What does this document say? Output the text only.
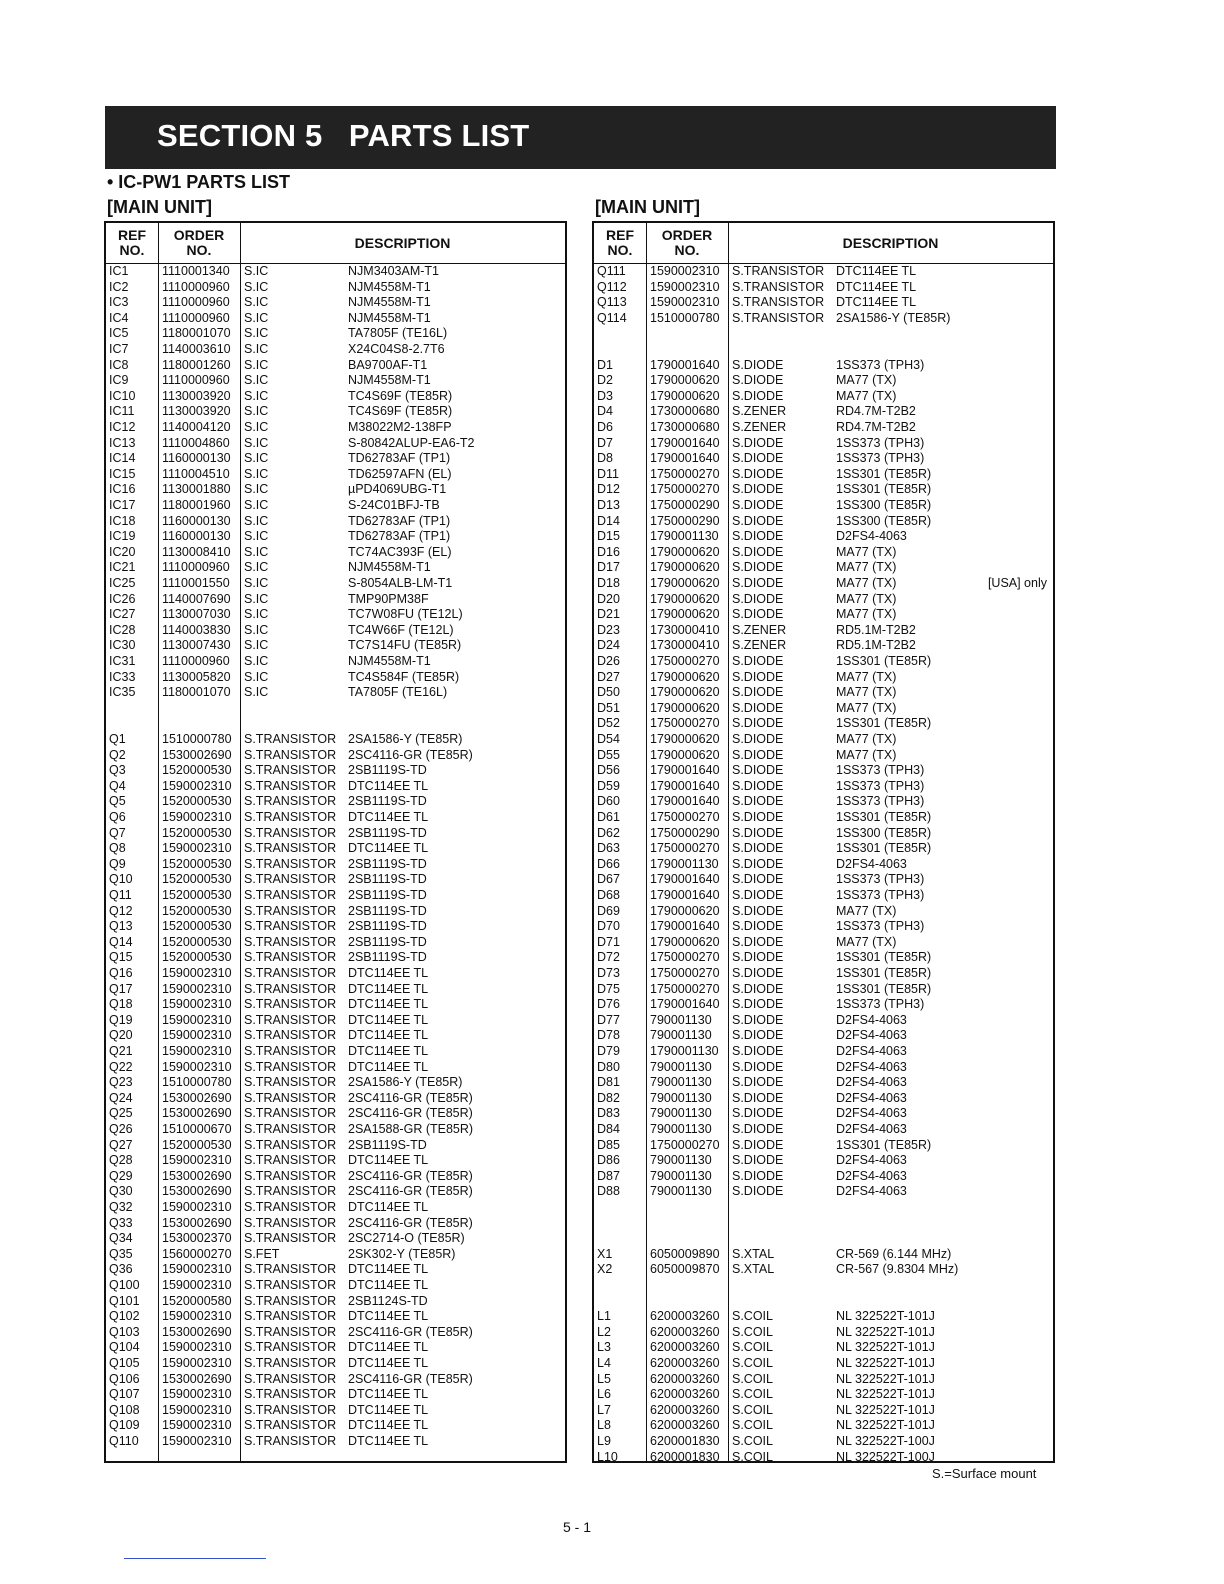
SECTION 5   PARTS LIST
• IC-PW1 PARTS LIST
[MAIN UNIT]	[MAIN UNIT]
REF
NO.
ORDER
NO.	DESCRIPTION
IC1	1110001340 S.IC	NJM3403AM-T1
IC2	1110000960 S.IC	NJM4558M-T1
IC3	1110000960 S.IC	NJM4558M-T1
IC4	1110000960 S.IC	NJM4558M-T1
IC5	1180001070 S.IC	TA7805F (TE16L)
IC7	1140003610 S.IC	X24C04S8-2.7T6
IC8	1180001260 S.IC	BA9700AF-T1
IC9	1110000960 S.IC	NJM4558M-T1
IC10 1130003920 S.IC	TC4S69F (TE85R)
IC11 1130003920 S.IC	TC4S69F (TE85R)
IC12 1140004120 S.IC	M38022M2-138FP
IC13 1110004860 S.IC	S-80842ALUP-EA6-T2
IC14 1160000130 S.IC	TD62783AF (TP1)
IC15 1110004510 S.IC	TD62597AFN (EL)
IC16 1130001880 S.IC	µPD4069UBG-T1
IC17 1180001960 S.IC	S-24C01BFJ-TB
IC18 1160000130 S.IC	TD62783AF (TP1)
IC19 1160000130 S.IC	TD62783AF (TP1)
IC20 1130008410 S.IC	TC74AC393F (EL)
IC21 1110000960 S.IC	NJM4558M-T1
IC25 1110001550 S.IC	S-8054ALB-LM-T1
IC26 1140007690 S.IC	TMP90PM38F
IC27 1130007030 S.IC	TC7W08FU (TE12L)
IC28 1140003830 S.IC	TC4W66F (TE12L)
IC30 1130007430 S.IC	TC7S14FU (TE85R)
IC31 1110000960 S.IC	NJM4558M-T1
IC33 1130005820 S.IC	TC4S584F (TE85R)
IC35 1180001070 S.IC	TA7805F (TE16L)
Q1	1510000780 S.TRANSISTOR 2SA1586-Y (TE85R)
Q2	1530002690 S.TRANSISTOR 2SC4116-GR (TE85R)
Q3	1520000530 S.TRANSISTOR 2SB1119S-TD
Q4	1590002310 S.TRANSISTOR DTC114EE TL
Q5	1520000530 S.TRANSISTOR 2SB1119S-TD
Q6	1590002310 S.TRANSISTOR DTC114EE TL
Q7	1520000530 S.TRANSISTOR 2SB1119S-TD
Q8	1590002310 S.TRANSISTOR DTC114EE TL
Q9	1520000530 S.TRANSISTOR 2SB1119S-TD
Q10 1520000530 S.TRANSISTOR 2SB1119S-TD
Q11 1520000530 S.TRANSISTOR 2SB1119S-TD
Q12 1520000530 S.TRANSISTOR 2SB1119S-TD
Q13 1520000530 S.TRANSISTOR 2SB1119S-TD
Q14 1520000530 S.TRANSISTOR 2SB1119S-TD
Q15 1520000530 S.TRANSISTOR 2SB1119S-TD
Q16 1590002310 S.TRANSISTOR DTC114EE TL
Q17 1590002310 S.TRANSISTOR DTC114EE TL
Q18 1590002310 S.TRANSISTOR DTC114EE TL
Q19 1590002310 S.TRANSISTOR DTC114EE TL
Q20 1590002310 S.TRANSISTOR DTC114EE TL
Q21 1590002310 S.TRANSISTOR DTC114EE TL
Q22 1590002310 S.TRANSISTOR DTC114EE TL
Q23 1510000780 S.TRANSISTOR 2SA1586-Y (TE85R)
Q24 1530002690 S.TRANSISTOR 2SC4116-GR (TE85R)
Q25 1530002690 S.TRANSISTOR 2SC4116-GR (TE85R)
Q26 1510000670 S.TRANSISTOR 2SA1588-GR (TE85R)
Q27 1520000530 S.TRANSISTOR 2SB1119S-TD
Q28 1590002310 S.TRANSISTOR DTC114EE TL
Q29 1530002690 S.TRANSISTOR 2SC4116-GR (TE85R)
Q30 1530002690 S.TRANSISTOR 2SC4116-GR (TE85R)
Q32 1590002310 S.TRANSISTOR DTC114EE TL
Q33 1530002690 S.TRANSISTOR 2SC4116-GR (TE85R)
Q34 1530002370 S.TRANSISTOR 2SC2714-O (TE85R)
Q35 1560000270 S.FET	2SK302-Y (TE85R)
Q36 1590002310 S.TRANSISTOR DTC114EE TL
Q100 1590002310 S.TRANSISTOR DTC114EE TL
Q101 1520000580 S.TRANSISTOR 2SB1124S-TD
Q102 1590002310 S.TRANSISTOR DTC114EE TL
Q103 1530002690 S.TRANSISTOR 2SC4116-GR (TE85R)
Q104 1590002310 S.TRANSISTOR DTC114EE TL
Q105 1590002310 S.TRANSISTOR DTC114EE TL
Q106 1530002690 S.TRANSISTOR 2SC4116-GR (TE85R)
Q107 1590002310 S.TRANSISTOR DTC114EE TL
Q108 1590002310 S.TRANSISTOR DTC114EE TL
Q109 1590002310 S.TRANSISTOR DTC114EE TL
Q110 1590002310 S.TRANSISTOR DTC114EE TL
REF
NO.
ORDER
NO.	DESCRIPTION
Q111 1590002310 S.TRANSISTOR DTC114EE TL
Q112 1590002310 S.TRANSISTOR DTC114EE TL
Q113 1590002310 S.TRANSISTOR DTC114EE TL
Q114 1510000780 S.TRANSISTOR 2SA1586-Y (TE85R)
D1	1790001640 S.DIODE	1SS373 (TPH3)
D2	1790000620 S.DIODE	MA77 (TX)
D3	1790000620 S.DIODE	MA77 (TX)
D4	1730000680 S.ZENER	RD4.7M-T2B2
D6	1730000680 S.ZENER	RD4.7M-T2B2
D7	1790001640 S.DIODE	1SS373 (TPH3)
D8	1790001640 S.DIODE	1SS373 (TPH3)
D11 1750000270 S.DIODE	1SS301 (TE85R)
D12 1750000270 S.DIODE	1SS301 (TE85R)
D13 1750000290 S.DIODE	1SS300 (TE85R)
D14 1750000290 S.DIODE	1SS300 (TE85R)
D15 1790001130 S.DIODE	D2FS4-4063
D16 1790000620 S.DIODE	MA77 (TX)
D17 1790000620 S.DIODE	MA77 (TX)
D18 1790000620 S.DIODE	MA77 (TX)	[USA] only
D20 1790000620 S.DIODE	MA77 (TX)
D21 1790000620 S.DIODE	MA77 (TX)
D23 1730000410 S.ZENER	RD5.1M-T2B2
D24 1730000410 S.ZENER	RD5.1M-T2B2
D26 1750000270 S.DIODE	1SS301 (TE85R)
D27 1790000620 S.DIODE	MA77 (TX)
D50 1790000620 S.DIODE	MA77 (TX)
D51 1790000620 S.DIODE	MA77 (TX)
D52 1750000270 S.DIODE	1SS301 (TE85R)
D54 1790000620 S.DIODE	MA77 (TX)
D55 1790000620 S.DIODE	MA77 (TX)
D56 1790001640 S.DIODE	1SS373 (TPH3)
D59 1790001640 S.DIODE	1SS373 (TPH3)
D60 1790001640 S.DIODE	1SS373 (TPH3)
D61 1750000270 S.DIODE	1SS301 (TE85R)
D62 1750000290 S.DIODE	1SS300 (TE85R)
D63 1750000270 S.DIODE	1SS301 (TE85R)
D66 1790001130 S.DIODE	D2FS4-4063
D67 1790001640 S.DIODE	1SS373 (TPH3)
D68 1790001640 S.DIODE	1SS373 (TPH3)
D69 1790000620 S.DIODE	MA77 (TX)
D70 1790001640 S.DIODE	1SS373 (TPH3)
D71 1790000620 S.DIODE	MA77 (TX)
D72 1750000270 S.DIODE	1SS301 (TE85R)
D73 1750000270 S.DIODE	1SS301 (TE85R)
D75 1750000270 S.DIODE	1SS301 (TE85R)
D76 1790001640 S.DIODE	1SS373 (TPH3)
D77 790001130 S.DIODE	D2FS4-4063
D78 790001130 S.DIODE	D2FS4-4063
D79 1790001130 S.DIODE	D2FS4-4063
D80 790001130 S.DIODE	D2FS4-4063
D81 790001130 S.DIODE	D2FS4-4063
D82 790001130 S.DIODE	D2FS4-4063
D83 790001130 S.DIODE	D2FS4-4063
D84 790001130 S.DIODE	D2FS4-4063
D85 1750000270 S.DIODE	1SS301 (TE85R)
D86 790001130 S.DIODE	D2FS4-4063
D87 790001130 S.DIODE	D2FS4-4063
D88 790001130 S.DIODE	D2FS4-4063
X1	6050009890 S.XTAL	CR-569 (6.144 MHz)
X2	6050009870 S.XTAL	CR-567 (9.8304 MHz)
L1	6200003260 S.COIL	NL 322522T-101J
L2	6200003260 S.COIL	NL 322522T-101J
L3	6200003260 S.COIL	NL 322522T-101J
L4	6200003260 S.COIL	NL 322522T-101J
L5	6200003260 S.COIL	NL 322522T-101J
L6	6200003260 S.COIL	NL 322522T-101J
L7	6200003260 S.COIL	NL 322522T-101J
L8	6200003260 S.COIL	NL 322522T-101J
L9	6200001830 S.COIL	NL 322522T-100J
L10	6200001830 S.COIL	NL 322522T-100J
S.=Surface mount
5 - 1
